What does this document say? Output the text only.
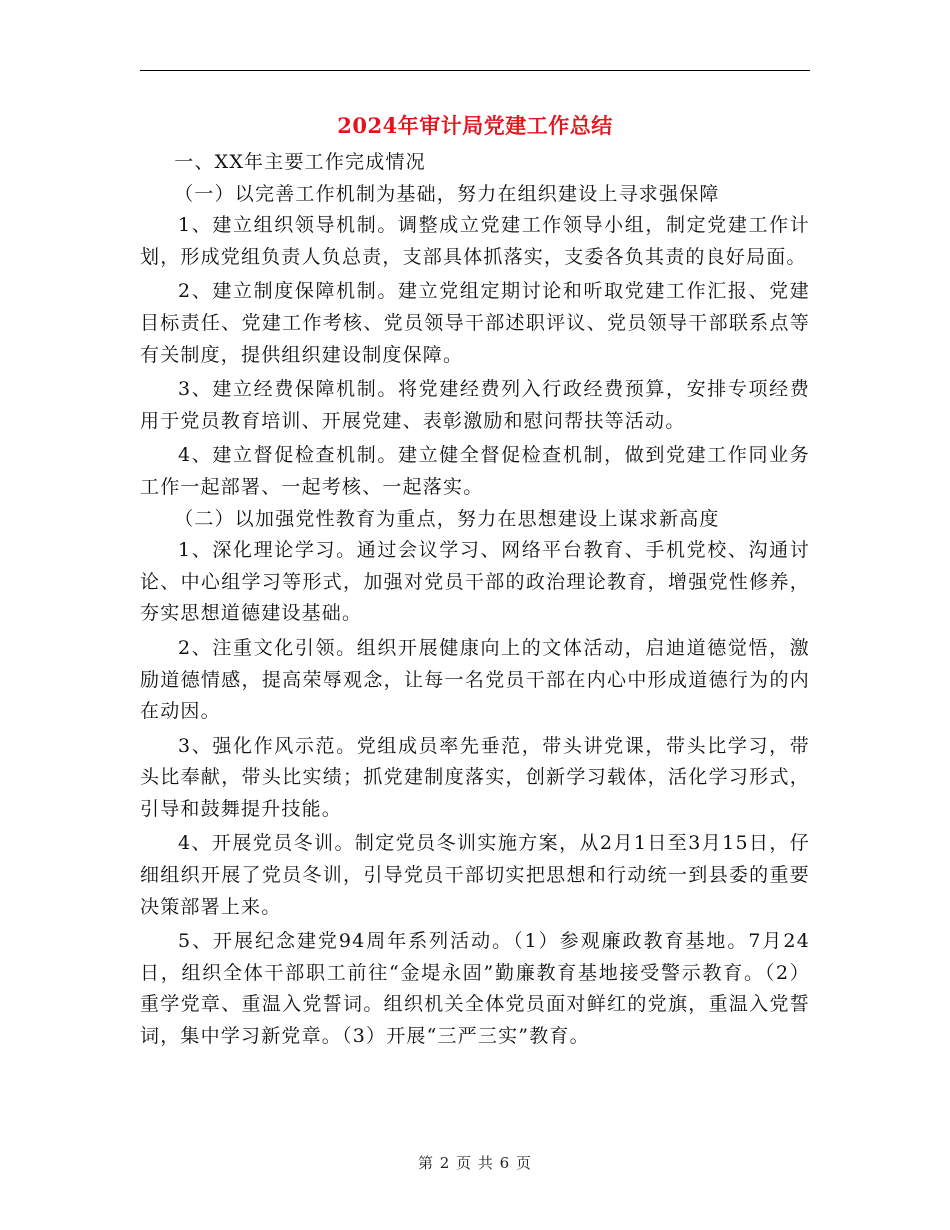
2024年审计局党建工作总结

一、XX年主要工作完成情况

（一）以完善工作机制为基础，努力在组织建设上寻求强保障

1、建立组织领导机制。调整成立党建工作领导小组，制定党建工作计划，形成党组负责人负总责，支部具体抓落实，支委各负其责的良好局面。

2、建立制度保障机制。建立党组定期讨论和听取党建工作汇报、党建目标责任、党建工作考核、党员领导干部述职评议、党员领导干部联系点等有关制度，提供组织建设制度保障。

3、建立经费保障机制。将党建经费列入行政经费预算，安排专项经费用于党员教育培训、开展党建、表彰激励和慰问帮扶等活动。

4、建立督促检查机制。建立健全督促检查机制，做到党建工作同业务工作一起部署、一起考核、一起落实。

（二）以加强党性教育为重点，努力在思想建设上谋求新高度

1、深化理论学习。通过会议学习、网络平台教育、手机党校、沟通讨论、中心组学习等形式，加强对党员干部的政治理论教育，增强党性修养，夯实思想道德建设基础。

2、注重文化引领。组织开展健康向上的文体活动，启迪道德觉悟，激励道德情感，提高荣辱观念，让每一名党员干部在内心中形成道德行为的内在动因。

3、强化作风示范。党组成员率先垂范，带头讲党课，带头比学习，带头比奉献，带头比实绩；抓党建制度落实，创新学习载体，活化学习形式，引导和鼓舞提升技能。

4、开展党员冬训。制定党员冬训实施方案，从2月1日至3月15日，仔细组织开展了党员冬训，引导党员干部切实把思想和行动统一到县委的重要决策部署上来。

5、开展纪念建党94周年系列活动。（1）参观廉政教育基地。7月24日，组织全体干部职工前往“金堤永固”勤廉教育基地接受警示教育。（2）重学党章、重温入党誓词。组织机关全体党员面对鲜红的党旗，重温入党誓词，集中学习新党章。（3）开展“三严三实”教育。

第 2 页 共 6 页
